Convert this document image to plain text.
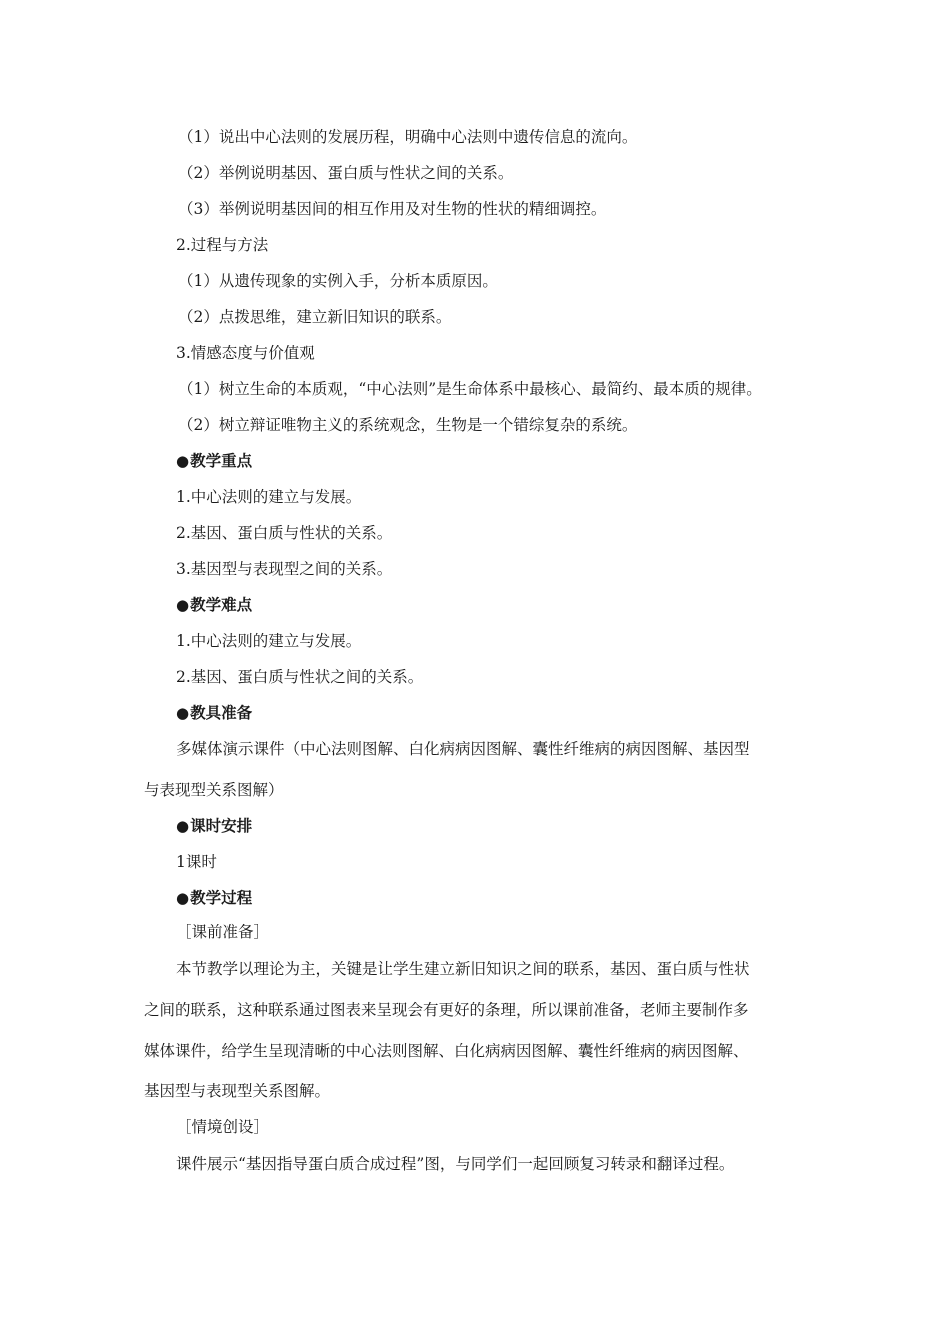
（1）说出中心法则的发展历程，明确中心法则中遗传信息的流向。
（2）举例说明基因、蛋白质与性状之间的关系。
（3）举例说明基因间的相互作用及对生物的性状的精细调控。
2.过程与方法
（1）从遗传现象的实例入手，分析本质原因。
（2）点拨思维，建立新旧知识的联系。
3.情感态度与价值观
（1）树立生命的本质观，“中心法则”是生命体系中最核心、最简约、最本质的规律。
（2）树立辩证唯物主义的系统观念，生物是一个错综复杂的系统。
●教学重点
1.中心法则的建立与发展。
2.基因、蛋白质与性状的关系。
3.基因型与表现型之间的关系。
●教学难点
1.中心法则的建立与发展。
2.基因、蛋白质与性状之间的关系。
●教具准备
多媒体演示课件（中心法则图解、白化病病因图解、囊性纤维病的病因图解、基因型
与表现型关系图解）
●课时安排
1课时
●教学过程
［课前准备］
本节教学以理论为主，关键是让学生建立新旧知识之间的联系，基因、蛋白质与性状
之间的联系，这种联系通过图表来呈现会有更好的条理，所以课前准备，老师主要制作多
媒体课件，给学生呈现清晰的中心法则图解、白化病病因图解、囊性纤维病的病因图解、
基因型与表现型关系图解。
［情境创设］
课件展示“基因指导蛋白质合成过程”图，与同学们一起回顾复习转录和翻译过程。
